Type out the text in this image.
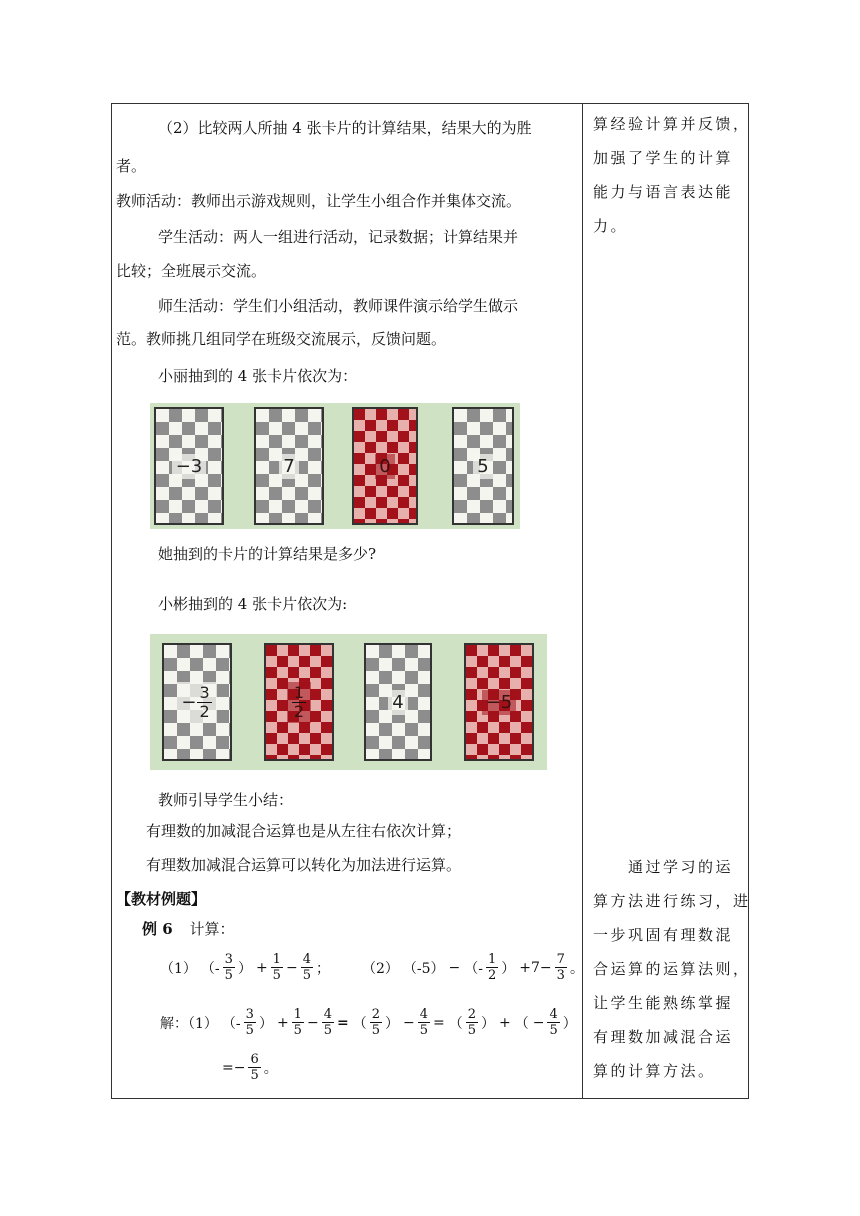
（2）比较两人所抽 4 张卡片的计算结果，结果大的为胜
者。
教师活动：教师出示游戏规则，让学生小组合作并集体交流。
学生活动：两人一组进行活动，记录数据；计算结果并
比较；全班展示交流。
师生活动：学生们小组活动，教师课件演示给学生做示
范。教师挑几组同学在班级交流展示，反馈问题。
小丽抽到的 4 张卡片依次为：
−3	7	0	5
她抽到的卡片的计算结果是多少?
小彬抽到的 4 张卡片依次为:
− $\frac{3}{2}$	$\frac{1}{2}$	4	−5
教师引导学生小结：
有理数的加减混合运算也是从左往右依次计算；
有理数加减混合运算可以转化为加法进行运算。
【教材例题】
例 6 计算：
（1） （- $\frac{3}{5}$ ） + $\frac{1}{5} - \frac{4}{5}$ ； （2） （-5） − （- $\frac{1}{2}$ ） $+7- \frac{7}{3}$ 。
解：（1） （- $\frac{3}{5}$ ） + $\frac{1}{5} - \frac{4}{5}$ = （ $\frac{2}{5}$ ） − $\frac{4}{5}$ = （ $\frac{2}{5}$ ） + （ − $\frac{4}{5}$ ）
=− $\frac{6}{5}$ 。
算经验计算并反馈，
加强了学生的计算
能力与语言表达能
力。
　　通过学习的运
算方法进行练习，进
一步巩固有理数混
合运算的运算法则，
让学生能熟练掌握
有理数加减混合运
算的计算方法。
